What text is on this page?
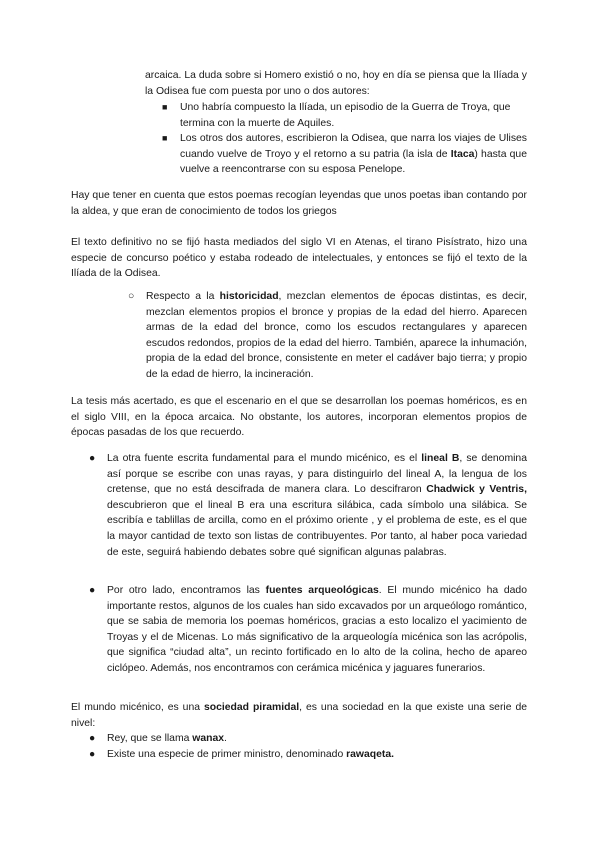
arcaica. La duda sobre si Homero existió o no, hoy en día se piensa que la Ilíada y la Odisea fue com puesta por uno o dos autores:

■ Uno habría compuesto la Ilíada, un episodio de la Guerra de Troya, que termina con la muerte de Aquiles.
■ Los otros dos autores, escribieron la Odisea, que narra los viajes de Ulises cuando vuelve de Troyo y el retorno a su patria (la isla de Itaca) hasta que vuelve a reencontrarse con su esposa Penelope.

Hay que tener en cuenta que estos poemas recogían leyendas que unos poetas iban contando por la aldea, y que eran de conocimiento de todos los griegos

El texto definitivo no se fijó hasta mediados del siglo VI en Atenas, el tirano Pisístrato, hizo una especie de concurso poético y estaba rodeado de intelectuales, y entonces se fijó el texto de la Ilíada de la Odisea.

○ Respecto a la historicidad, mezclan elementos de épocas distintas, es decir, mezclan elementos propios el bronce y propias de la edad del hierro. Aparecen armas de la edad del bronce, como los escudos rectangulares y aparecen escudos redondos, propios de la edad del hierro. También, aparece la inhumación, propia de la edad del bronce, consistente en meter el cadáver bajo tierra; y propio de la edad de hierro, la incineración.

La tesis más acertado, es que el escenario en el que se desarrollan los poemas homéricos, es en el siglo VIII, en la época arcaica. No obstante, los autores, incorporan elementos propios de épocas pasadas de los que recuerdo.

● La otra fuente escrita fundamental para el mundo micénico, es el lineal B, se denomina así porque se escribe con unas rayas, y para distinguirlo del lineal A, la lengua de los cretense, que no está descifrada de manera clara. Lo descifraron Chadwick y Ventris, descubrieron que el lineal B era una escritura silábica, cada símbolo una silábica. Se escribía e tablillas de arcilla, como en el próximo oriente , y el problema de este, es el que la mayor cantidad de texto son listas de contribuyentes. Por tanto, al haber poca variedad de este, seguirá habiendo debates sobre qué significan algunas palabras.
● Por otro lado, encontramos las fuentes arqueológicas. El mundo micénico ha dado importante restos, algunos de los cuales han sido excavados por un arqueólogo romántico, que se sabia de memoria los poemas homéricos, gracias a esto localizo el yacimiento de Troyas y el de Micenas. Lo más significativo de la arqueología micénica son las acrópolis, que significa “ciudad alta”, un recinto fortificado en lo alto de la colina, hecho de apareo ciclópeo. Además, nos encontramos con cerámica micénica y jaguares funerarios.

El mundo micénico, es una sociedad piramidal, es una sociedad en la que existe una serie de nivel:

● Rey, que se llama wanax.
● Existe una especie de primer ministro, denominado rawaqeta.
